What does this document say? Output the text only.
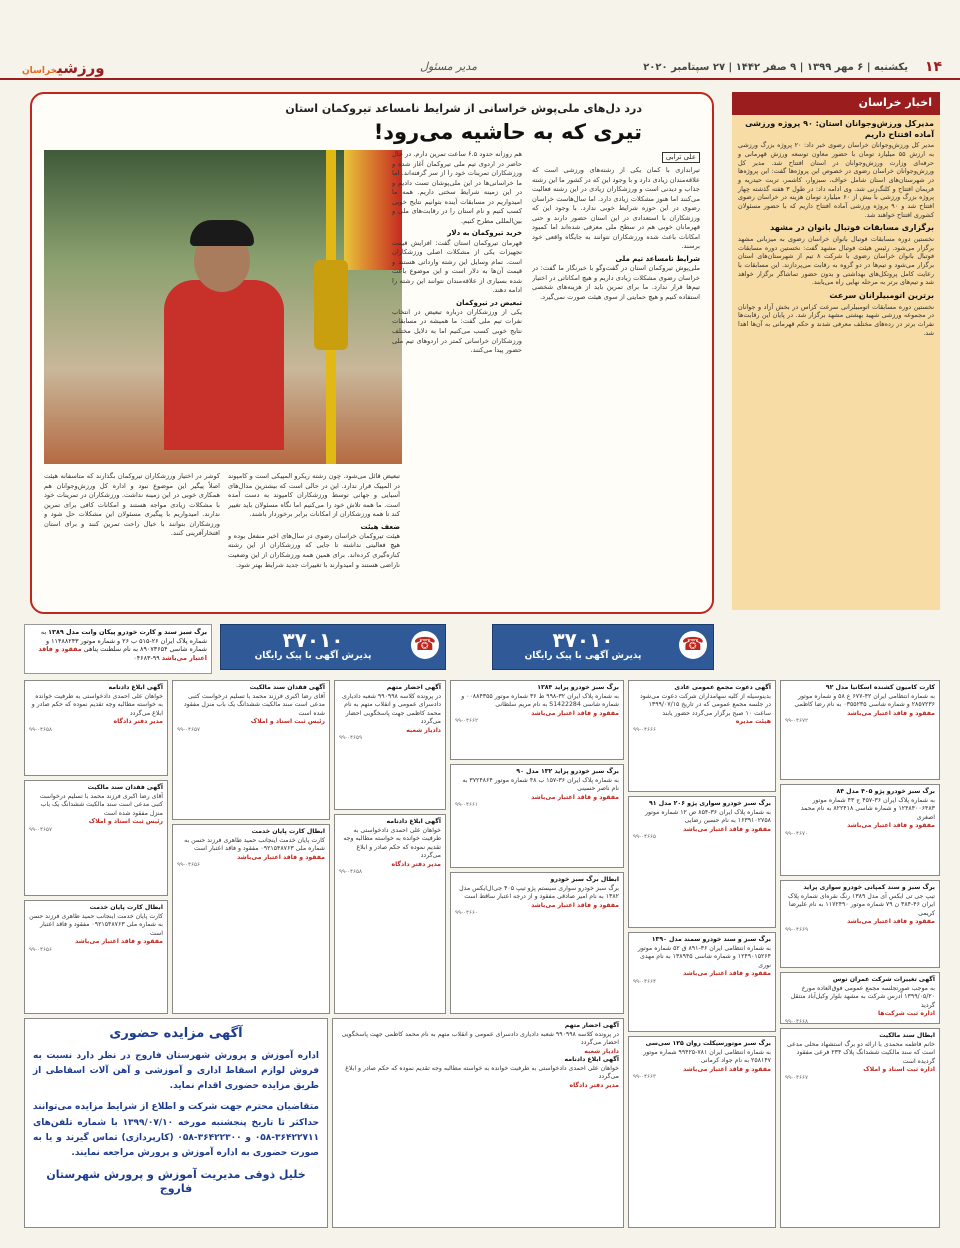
۱۴
یکشنبه | ۶ مهر ۱۳۹۹ | ۹ صفر ۱۴۴۲ | ۲۷ سپتامبر ۲۰۲۰
مدیر مسئول
ورزشیخراسان
اخبار خراسان
مدیرکل ورزش‌وجوانان استان: ۹۰ پروژه ورزشی آماده افتتاح داریم

مدیر کل ورزش‌وجوانان خراسان رضوی خبر داد: ۲۰ پروژه بزرگ ورزشی به ارزش ۵۵ میلیارد تومان با حضور معاون توسعه ورزش قهرمانی و حرفه‌ای وزارت ورزش‌وجوانان در استان افتتاح شد. مدیر کل ورزش‌وجوانان خراسان رضوی در خصوص این پروژه‌ها گفت: این پروژه‌ها در شهرستان‌های استان شامل خواف، سبزوار، کاشمر، تربت حیدریه و فریمان افتتاح و کلنگ‌زنی شد. وی ادامه داد: در طول ۳ هفته گذشته چهار پروژه بزرگ ورزشی با بیش از ۶۰ میلیارد تومان هزینه در خراسان رضوی افتتاح شد و ۹۰ پروژه ورزشی آماده افتتاح داریم که با حضور مسئولان کشوری افتتاح خواهند شد.

برگزاری مسابقات فوتبال بانوان در مشهد

نخستین دوره مسابقات فوتبال بانوان خراسان رضوی به میزبانی مشهد برگزار می‌شود. رئیس هیئت فوتبال مشهد گفت: نخستین دوره مسابقات فوتبال بانوان خراسان رضوی با شرکت ۸ تیم از شهرستان‌های استان برگزار می‌شود و تیم‌ها در دو گروه به رقابت می‌پردازند. این مسابقات با رعایت کامل پروتکل‌های بهداشتی و بدون حضور تماشاگر برگزار خواهد شد و تیم‌های برتر به مرحله نهایی راه می‌یابند.

برترین اتومبیلرانان سرعت

نخستین دوره مسابقات اتومبیلرانی سرعت کراس در بخش آزاد و جوانان در مجموعه ورزشی شهید بهشتی مشهد برگزار شد. در پایان این رقابت‌ها نفرات برتر در رده‌های مختلف معرفی شدند و حکم قهرمانی به آن‌ها اهدا شد.

درد دل‌های ملی‌پوش خراسانی از شرایط نامساعد تیروکمان استان
تیری که به حاشیه می‌رود!
علی ترابی
تیراندازی با کمان یکی از رشته‌های ورزشی است که علاقه‌مندان زیادی دارد و با وجود این که در کشور ما این رشته جذاب و دیدنی است و ورزشکاران زیادی در این رشته فعالیت می‌کنند اما هنوز مشکلات زیادی دارد. اما سال‌هاست خراسان رضوی در این حوزه شرایط خوبی ندارد. با وجود این که ورزشکاران با استعدادی در این استان حضور دارند و حتی قهرمانان خوبی هم در سطح ملی معرفی شده‌اند اما کمبود امکانات باعث شده ورزشکاران نتوانند به جایگاه واقعی خود برسند.
شرایط نامساعد تیم ملی
ملی‌پوش تیروکمان استان در گفت‌وگو با خبرنگار ما گفت: در خراسان رضوی مشکلات زیادی داریم و هیچ امکاناتی در اختیار تیم‌ها قرار ندارد. ما برای تمرین باید از هزینه‌های شخصی استفاده کنیم و هیچ حمایتی از سوی هیئت صورت نمی‌گیرد.
هم روزانه حدود ۶.۵ ساعت تمرین دارم. در حال حاضر در اردوی تیم ملی تیروکمان آغاز شده و ورزشکاران تمرینات خود را از سر گرفته‌اند. اما ما خراسانی‌ها در این ملی‌پوشان تست دادیم و در این زمینه شرایط سختی داریم. همه ما امیدواریم در مسابقات آینده بتوانیم نتایج خوبی کسب کنیم و نام استان را در رقابت‌های ملی و بین‌المللی مطرح کنیم.
خرید تیروکمان به دلار
قهرمان تیروکمان استان گفت: افزایش قیمت تجهیزات یکی از مشکلات اصلی ورزشکاران است. تمام وسایل این رشته وارداتی هستند و قیمت آن‌ها به دلار است و این موضوع باعث شده بسیاری از علاقه‌مندان نتوانند این رشته را ادامه دهند.
تبعیض در تیروکمان
یکی از ورزشکاران درباره تبعیض در انتخاب نفرات تیم ملی گفت: ما همیشه در مسابقات نتایج خوبی کسب می‌کنیم اما به دلایل مختلف ورزشکاران خراسانی کمتر در اردوهای تیم ملی حضور پیدا می‌کنند.
تبعیض قائل می‌شود. چون رشته ریکرو المپیکی است و کامپوند در المپیک قرار ندارد. این در حالی است که بیشترین مدال‌های آسیایی و جهانی توسط ورزشکاران کامپوند به دست آمده است. ما همه تلاش خود را می‌کنیم اما نگاه مسئولان باید تغییر کند تا همه ورزشکاران از امکانات برابر برخوردار باشند.
ضعف هیئت
هیئت تیروکمان خراسان رضوی در سال‌های اخیر منفعل بوده و هیچ فعالیتی نداشته تا جایی که ورزشکاران از این رشته کناره‌گیری کرده‌اند. برای همین همه ورزشکاران از این وضعیت ناراضی هستند و امیدوارند با تغییرات جدید شرایط بهتر شود.
کوشر در اختیار ورزشکاران تیروکمان بگذارند که متاسفانه هیئت اصلاً پیگیر این موضوع نبود و اداره کل ورزش‌وجوانان هم همکاری خوبی در این زمینه نداشت. ورزشکاران در تمرینات خود با مشکلات زیادی مواجه هستند و امکانات کافی برای تمرین ندارند. امیدواریم با پیگیری مسئولان این مشکلات حل شود و ورزشکاران بتوانند با خیال راحت تمرین کنند و برای استان افتخارآفرینی کنند.
۳۷۰۱۰
پذیرش آگهی با پیک رایگان
☎
۳۷۰۱۰
پذیرش آگهی با پیک رایگان
☎
برگ سبز سند و کارت خودرو پیکان وانت مدل ۱۳۸۹ به شماره پلاک ایران ۲۶-۵۱۵ ب ۲۶ و شماره موتور ۱۱۴۸۸۲۴۳ و شماره شاسی ۸۹۰۷۳۶۵۴ به نام سلطنت پناهی مفقود و فاقد اعتبار می‌باشد ۹۹-۰۴۶۸۳
کارت کامیون کشنده اسکانیا مدل ۹۲
به شماره انتظامی ایران ۴۲-۶۷۷ ع ۵۸ و شماره موتور ۲۸۵۷۲۳۶ و شماره شاسی ۰۳۵۵۲۳۵ به نام رضا کاظمی
مفقود و فاقد اعتبار می‌باشد
۹۹-۰۴۶۷۲
برگ سبز خودرو پژو ۴۰۵ مدل ۸۴
به شماره پلاک ایران ۳۶-۴۵۷ ج ۴۳ شماره موتور ۱۲۴۸۴۰۰۶۴۸۳ و شماره شاسی ۸۲۲۴۱۸ به نام محمد اصغری
مفقود و فاقد اعتبار می‌باشد
۹۹-۰۴۶۷۰
برگ سبز و سند کمپانی خودرو سواری پراید
تیپ جی تی ایکس آی مدل ۱۳۸۹ رنگ نقره‌ای شماره پلاک ایران ۴۶-۳۸۴ ن ۷۹ شماره موتور ۱۱۷۲۴۹۰ به نام علیرضا کریمی
مفقود و فاقد اعتبار می‌باشد
۹۹-۰۴۶۶۹
آگهی تغییرات شرکت عمران توس
به موجب صورتجلسه مجمع عمومی فوق‌العاده مورخ ۱۳۹۹/۰۵/۲۰ آدرس شرکت به مشهد بلوار وکیل‌آباد منتقل گردید
اداره ثبت شرکت‌ها
۹۹-۰۴۶۶۸
ابطال سند مالکیت
خانم فاطمه محمدی با ارائه دو برگ استشهاد محلی مدعی است که سند مالکیت ششدانگ پلاک ۲۳۴ فرعی مفقود گردیده است
اداره ثبت اسناد و املاک
۹۹-۰۴۶۶۷
آگهی دعوت مجمع عمومی عادی
بدینوسیله از کلیه سهامداران شرکت دعوت می‌شود در جلسه مجمع عمومی که در تاریخ ۱۳۹۹/۰۷/۱۵ ساعت ۱۰ صبح برگزار می‌گردد حضور یابند
هیئت مدیره
۹۹-۰۴۶۶۶
برگ سبز خودرو سواری پژو ۲۰۶ مدل ۹۱
به شماره پلاک ایران ۳۶-۸۵۴ ص ۱۲ شماره موتور ۱۶۳۹۱۰۲۷۵۸ به نام حسین رضایی
مفقود و فاقد اعتبار می‌باشد
۹۹-۰۴۶۶۵
برگ سبز و سند خودرو سمند مدل ۱۳۹۰
به شماره انتظامی ایران ۳۶-۸۹۱ ق ۵۲ شماره موتور ۱۲۴۹۰۱۵۲۶۴ و شماره شاسی ۱۳۸۹۴۵ به نام مهدی نوری
مفقود و فاقد اعتبار می‌باشد
۹۹-۰۴۶۶۴
برگ سبز موتورسیکلت روان ۱۲۵ سی‌سی
به شماره انتظامی ایران ۷۸۱-۹۹۴۲۵ شماره موتور ۲۵۸۱۴۷ به نام جواد کرمانی
مفقود و فاقد اعتبار می‌باشد
۹۹-۰۴۶۶۳
برگ سبز خودرو پراید ۱۳۸۴
به شماره پلاک ایران ۳۲-۹۹۸ ط ۳۶ شماره موتور ۰۰۸۸۴۳۵۵ و شماره شاسی S1422284 به نام مریم سلطانی
مفقود و فاقد اعتبار می‌باشد
۹۹-۰۴۶۶۲
برگ سبز خودرو پراید ۱۳۲ مدل ۹۰
به شماره پلاک ایران ۳۶-۱۵۷ ب ۴۸ شماره موتور ۳۷۲۴۸۶۴ به نام ناصر حسینی
مفقود و فاقد اعتبار می‌باشد
۹۹-۰۴۶۶۱
ابطال برگ سبز خودرو
برگ سبز خودرو سواری سیستم پژو تیپ ۴۰۵ جی‌ال‌ایکس مدل ۱۳۸۲ به نام امیر صادقی مفقود و از درجه اعتبار ساقط است
مفقود و فاقد اعتبار می‌باشد
۹۹-۰۴۶۶۰
آگهی احضار متهم
در پرونده کلاسه ۹۹۰۹۹۸ شعبه دادیاری دادسرای عمومی و انقلاب متهم به نام محمد کاظمی جهت پاسخگویی احضار می‌گردد
دادیار شعبه
۹۹-۰۴۶۵۹
آگهی ابلاغ دادنامه
خواهان علی احمدی دادخواستی به طرفیت خوانده به خواسته مطالبه وجه تقدیم نموده که حکم صادر و ابلاغ می‌گردد
مدیر دفتر دادگاه
۹۹-۰۴۶۵۸
آگهی فقدان سند مالکیت
آقای رضا اکبری فرزند محمد با تسلیم درخواست کتبی مدعی است سند مالکیت ششدانگ یک باب منزل مفقود شده است
رئیس ثبت اسناد و املاک
۹۹-۰۴۶۵۷
ابطال کارت پایان خدمت
کارت پایان خدمت اینجانب حمید طاهری فرزند حسن به شماره ملی ۰۹۲۱۵۴۸۷۶۳ مفقود و فاقد اعتبار است
مفقود و فاقد اعتبار می‌باشد
۹۹-۰۴۶۵۶
آگهی ابلاغ دادنامه
خواهان علی احمدی دادخواستی به طرفیت خوانده به خواسته مطالبه وجه تقدیم نموده که حکم صادر و ابلاغ می‌گردد
مدیر دفتر دادگاه
۹۹-۰۴۶۵۸
آگهی فقدان سند مالکیت
آقای رضا اکبری فرزند محمد با تسلیم درخواست کتبی مدعی است سند مالکیت ششدانگ یک باب منزل مفقود شده است
رئیس ثبت اسناد و املاک
۹۹-۰۴۶۵۷
ابطال کارت پایان خدمت
کارت پایان خدمت اینجانب حمید طاهری فرزند حسن به شماره ملی ۰۹۲۱۵۴۸۷۶۳ مفقود و فاقد اعتبار است
مفقود و فاقد اعتبار می‌باشد
۹۹-۰۴۶۵۶
آگهی احضار متهم
در پرونده کلاسه ۹۹۰۹۹۸ شعبه دادیاری دادسرای عمومی و انقلاب متهم به نام محمد کاظمی جهت پاسخگویی احضار می‌گردد
دادیار شعبه
آگهی ابلاغ دادنامه
خواهان علی احمدی دادخواستی به طرفیت خوانده به خواسته مطالبه وجه تقدیم نموده که حکم صادر و ابلاغ می‌گردد
مدیر دفتر دادگاه
آگهی مزایده حضوری

اداره آموزش و پرورش شهرستان فاروج در نظر دارد نسبت به فروش لوازم اسقاط اداری و آموزشی و آهن آلات اسقاطی از طریق مزایده حضوری اقدام نماید.

متقاضیان محترم جهت شرکت و اطلاع از شرایط مزایده می‌توانند حداکثر تا تاریخ پنجشنبه مورخه ۱۳۹۹/۰۷/۱۰ با شماره تلفن‌های ۳۶۴۲۲۷۱۱-۰۵۸ و ۳۶۴۲۲۳۰۰-۰۵۸ (کارپردازی) تماس گیرند و یا به صورت حضوری به اداره آموزش و پرورش مراجعه نمایند.

خلیل ذوقی مدیریت آموزش و پرورش شهرستان فاروج
